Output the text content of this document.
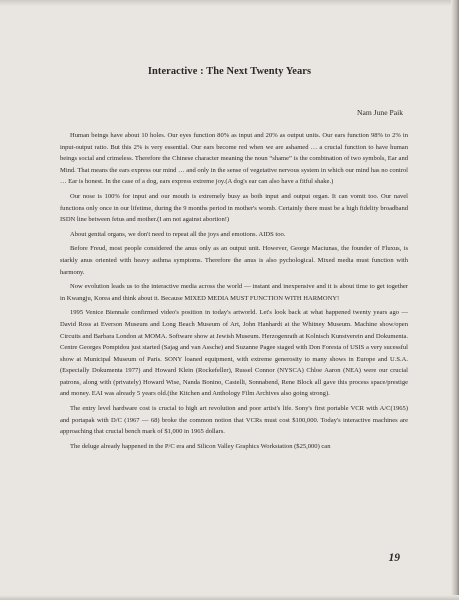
Interactive : The Next Twenty Years

Nam June Paik

Human beings have about 10 holes. Our eyes function 80% as input and 20% as output units. Our ears function 98% to 2% in input-output ratio. But this 2% is very essential. Our ears become red when we are ashamed … a crucial function to have human beings social and crimeless. Therefore the Chinese character meaning the noun “shame” is the combination of two symbols, Ear and Mind. That means the ears express our mind … and only in the sense of vegetative nervous system in which our mind has no control … Ear is honest. In the case of a dog, ears express extreme joy.(A dog's ear can also have a fitful shake.)

Our nose is 100% for input and our mouth is extremely busy as both input and output organ. It can vomit too. Our navel functions only once in our lifetime, during the 9 months period in mother's womb. Certainly there must be a high fidelity broadband ISDN line between fetus and mother.(I am not against abortion!)

About genital organs, we don't need to repeat all the joys and emotions. AIDS too.

Before Freud, most people considered the anus only as an output unit. However, George Maciunas, the founder of Fluxus, is starkly anus oriented with heavy asthma symptoms. Therefore the anus is also pychological. Mixed media must function with harmony.

Now evolution leads us to the interactive media across the world — instant and inexpensive and it is about time to get together in Kwangju, Korea and think about it. Because MIXED MEDIA MUST FUNCTION WITH HARMONY!

1995 Venice Biennale confirmed video's position in today's artworld. Let's look back at what happened twenty years ago — David Ross at Everson Museum and Long Beach Museum of Art, John Hanhardt at the Whitney Museum. Machine show/open Circuits and Barbara London at MOMA. Software show at Jewish Museum. Herzogenrath at Kolnisch Kunstverein and Dokumenta. Centre Georges Pompidou just started (Sajag and van Assche) and Suzanne Pagee staged with Don Foresta of USIS a very sucessful show at Municipal Museum of Paris. SONY loaned equipment, with extreme generosity to many shows in Europe and U.S.A.(Especially Dokumenta 1977) and Howard Klein (Rockefeller), Russel Connor (NYSCA) Chloe Aaron (NEA) were our crucial patrons, along with (privately) Howard Wise, Nanda Bonino, Castelli, Sonnabend, Rene Block all gave this process space/prestige and money. EAI was already 5 years old.(the Kitchen and Anthology Film Archives also going strong).

The entry level hardware cost is crucial to high art revolution and poor artist's life. Sony's first portable VCR with A/C(1965) and portapak with D/C (1967 — 68) broke the common notion that VCRs must cost $100,000. Today's interactive machines are approaching that crucial bench mark of $1,000 in 1965 dollars.

The deluge already happened in the P/C era and Silicon Valley Graphics Workstation ($25,000) can

19
